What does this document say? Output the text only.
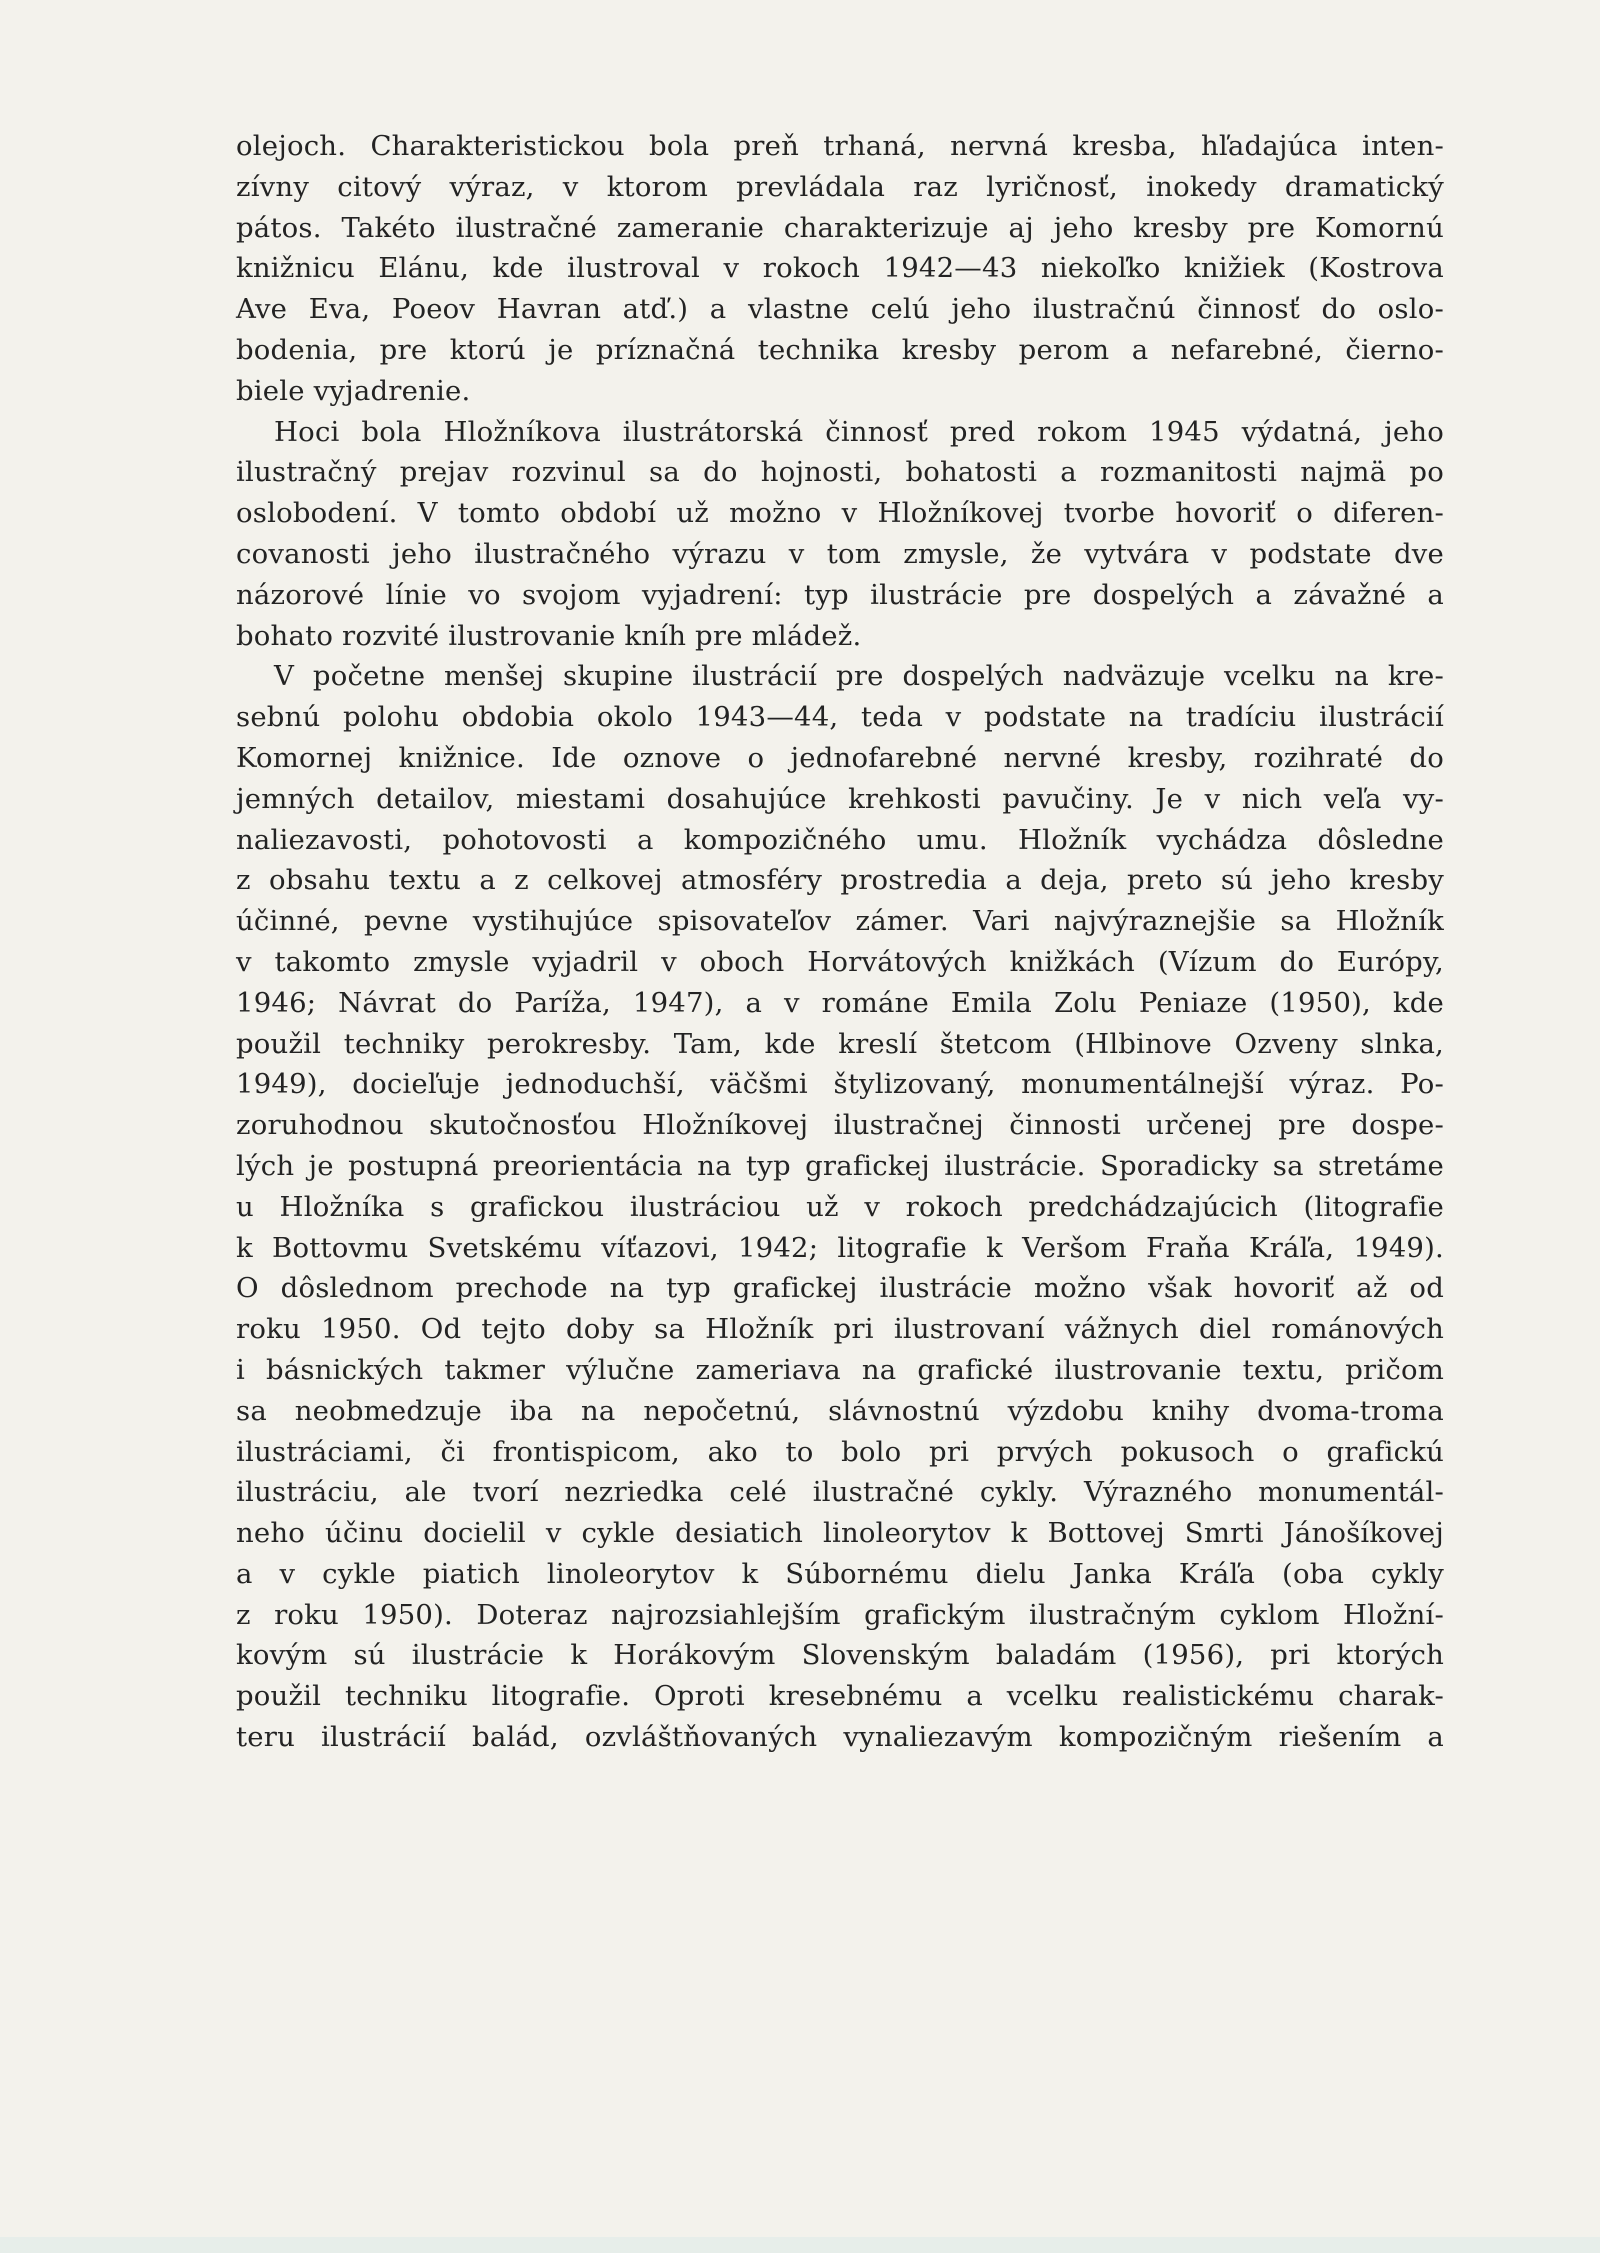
olejoch. Charakteristickou bola preň trhaná, nervná kresba, hľadajúca inten-
zívny citový výraz, v ktorom prevládala raz lyričnosť, inokedy dramatický
pátos. Takéto ilustračné zameranie charakterizuje aj jeho kresby pre Komornú
knižnicu Elánu, kde ilustroval v rokoch 1942—43 niekoľko knižiek (Kostrova
Ave Eva, Poeov Havran atď.) a vlastne celú jeho ilustračnú činnosť do oslo-
bodenia, pre ktorú je príznačná technika kresby perom a nefarebné, čierno-
biele vyjadrenie.
Hoci bola Hložníkova ilustrátorská činnosť pred rokom 1945 výdatná, jeho
ilustračný prejav rozvinul sa do hojnosti, bohatosti a rozmanitosti najmä po
oslobodení. V tomto období už možno v Hložníkovej tvorbe hovoriť o diferen-
covanosti jeho ilustračného výrazu v tom zmysle, že vytvára v podstate dve
názorové línie vo svojom vyjadrení: typ ilustrácie pre dospelých a závažné a
bohato rozvité ilustrovanie kníh pre mládež.
V početne menšej skupine ilustrácií pre dospelých nadväzuje vcelku na kre-
sebnú polohu obdobia okolo 1943—44, teda v podstate na tradíciu ilustrácií
Komornej knižnice. Ide oznove o jednofarebné nervné kresby, rozihraté do
jemných detailov, miestami dosahujúce krehkosti pavučiny. Je v nich veľa vy-
naliezavosti, pohotovosti a kompozičného umu. Hložník vychádza dôsledne
z obsahu textu a z celkovej atmosféry prostredia a deja, preto sú jeho kresby
účinné, pevne vystihujúce spisovateľov zámer. Vari najvýraznejšie sa Hložník
v takomto zmysle vyjadril v oboch Horvátových knižkách (Vízum do Európy,
1946; Návrat do Paríža, 1947), a v románe Emila Zolu Peniaze (1950), kde
použil techniky perokresby. Tam, kde kreslí štetcom (Hlbinove Ozveny slnka,
1949), docieľuje jednoduchší, väčšmi štylizovaný, monumentálnejší výraz. Po-
zoruhodnou skutočnosťou Hložníkovej ilustračnej činnosti určenej pre dospe-
lých je postupná preorientácia na typ grafickej ilustrácie. Sporadicky sa stretáme
u Hložníka s grafickou ilustráciou už v rokoch predchádzajúcich (litografie
k Bottovmu Svetskému víťazovi, 1942; litografie k Veršom Fraňa Kráľa, 1949).
O dôslednom prechode na typ grafickej ilustrácie možno však hovoriť až od
roku 1950. Od tejto doby sa Hložník pri ilustrovaní vážnych diel románových
i básnických takmer výlučne zameriava na grafické ilustrovanie textu, pričom
sa neobmedzuje iba na nepočetnú, slávnostnú výzdobu knihy dvoma-troma
ilustráciami, či frontispicom, ako to bolo pri prvých pokusoch o grafickú
ilustráciu, ale tvorí nezriedka celé ilustračné cykly. Výrazného monumentál-
neho účinu docielil v cykle desiatich linoleorytov k Bottovej Smrti Jánošíkovej
a v cykle piatich linoleorytov k Súbornému dielu Janka Kráľa (oba cykly
z roku 1950). Doteraz najrozsiahlejším grafickým ilustračným cyklom Hložní-
kovým sú ilustrácie k Horákovým Slovenským baladám (1956), pri ktorých
použil techniku litografie. Oproti kresebnému a vcelku realistickému charak-
teru ilustrácií balád, ozvláštňovaných vynaliezavým kompozičným riešením a
